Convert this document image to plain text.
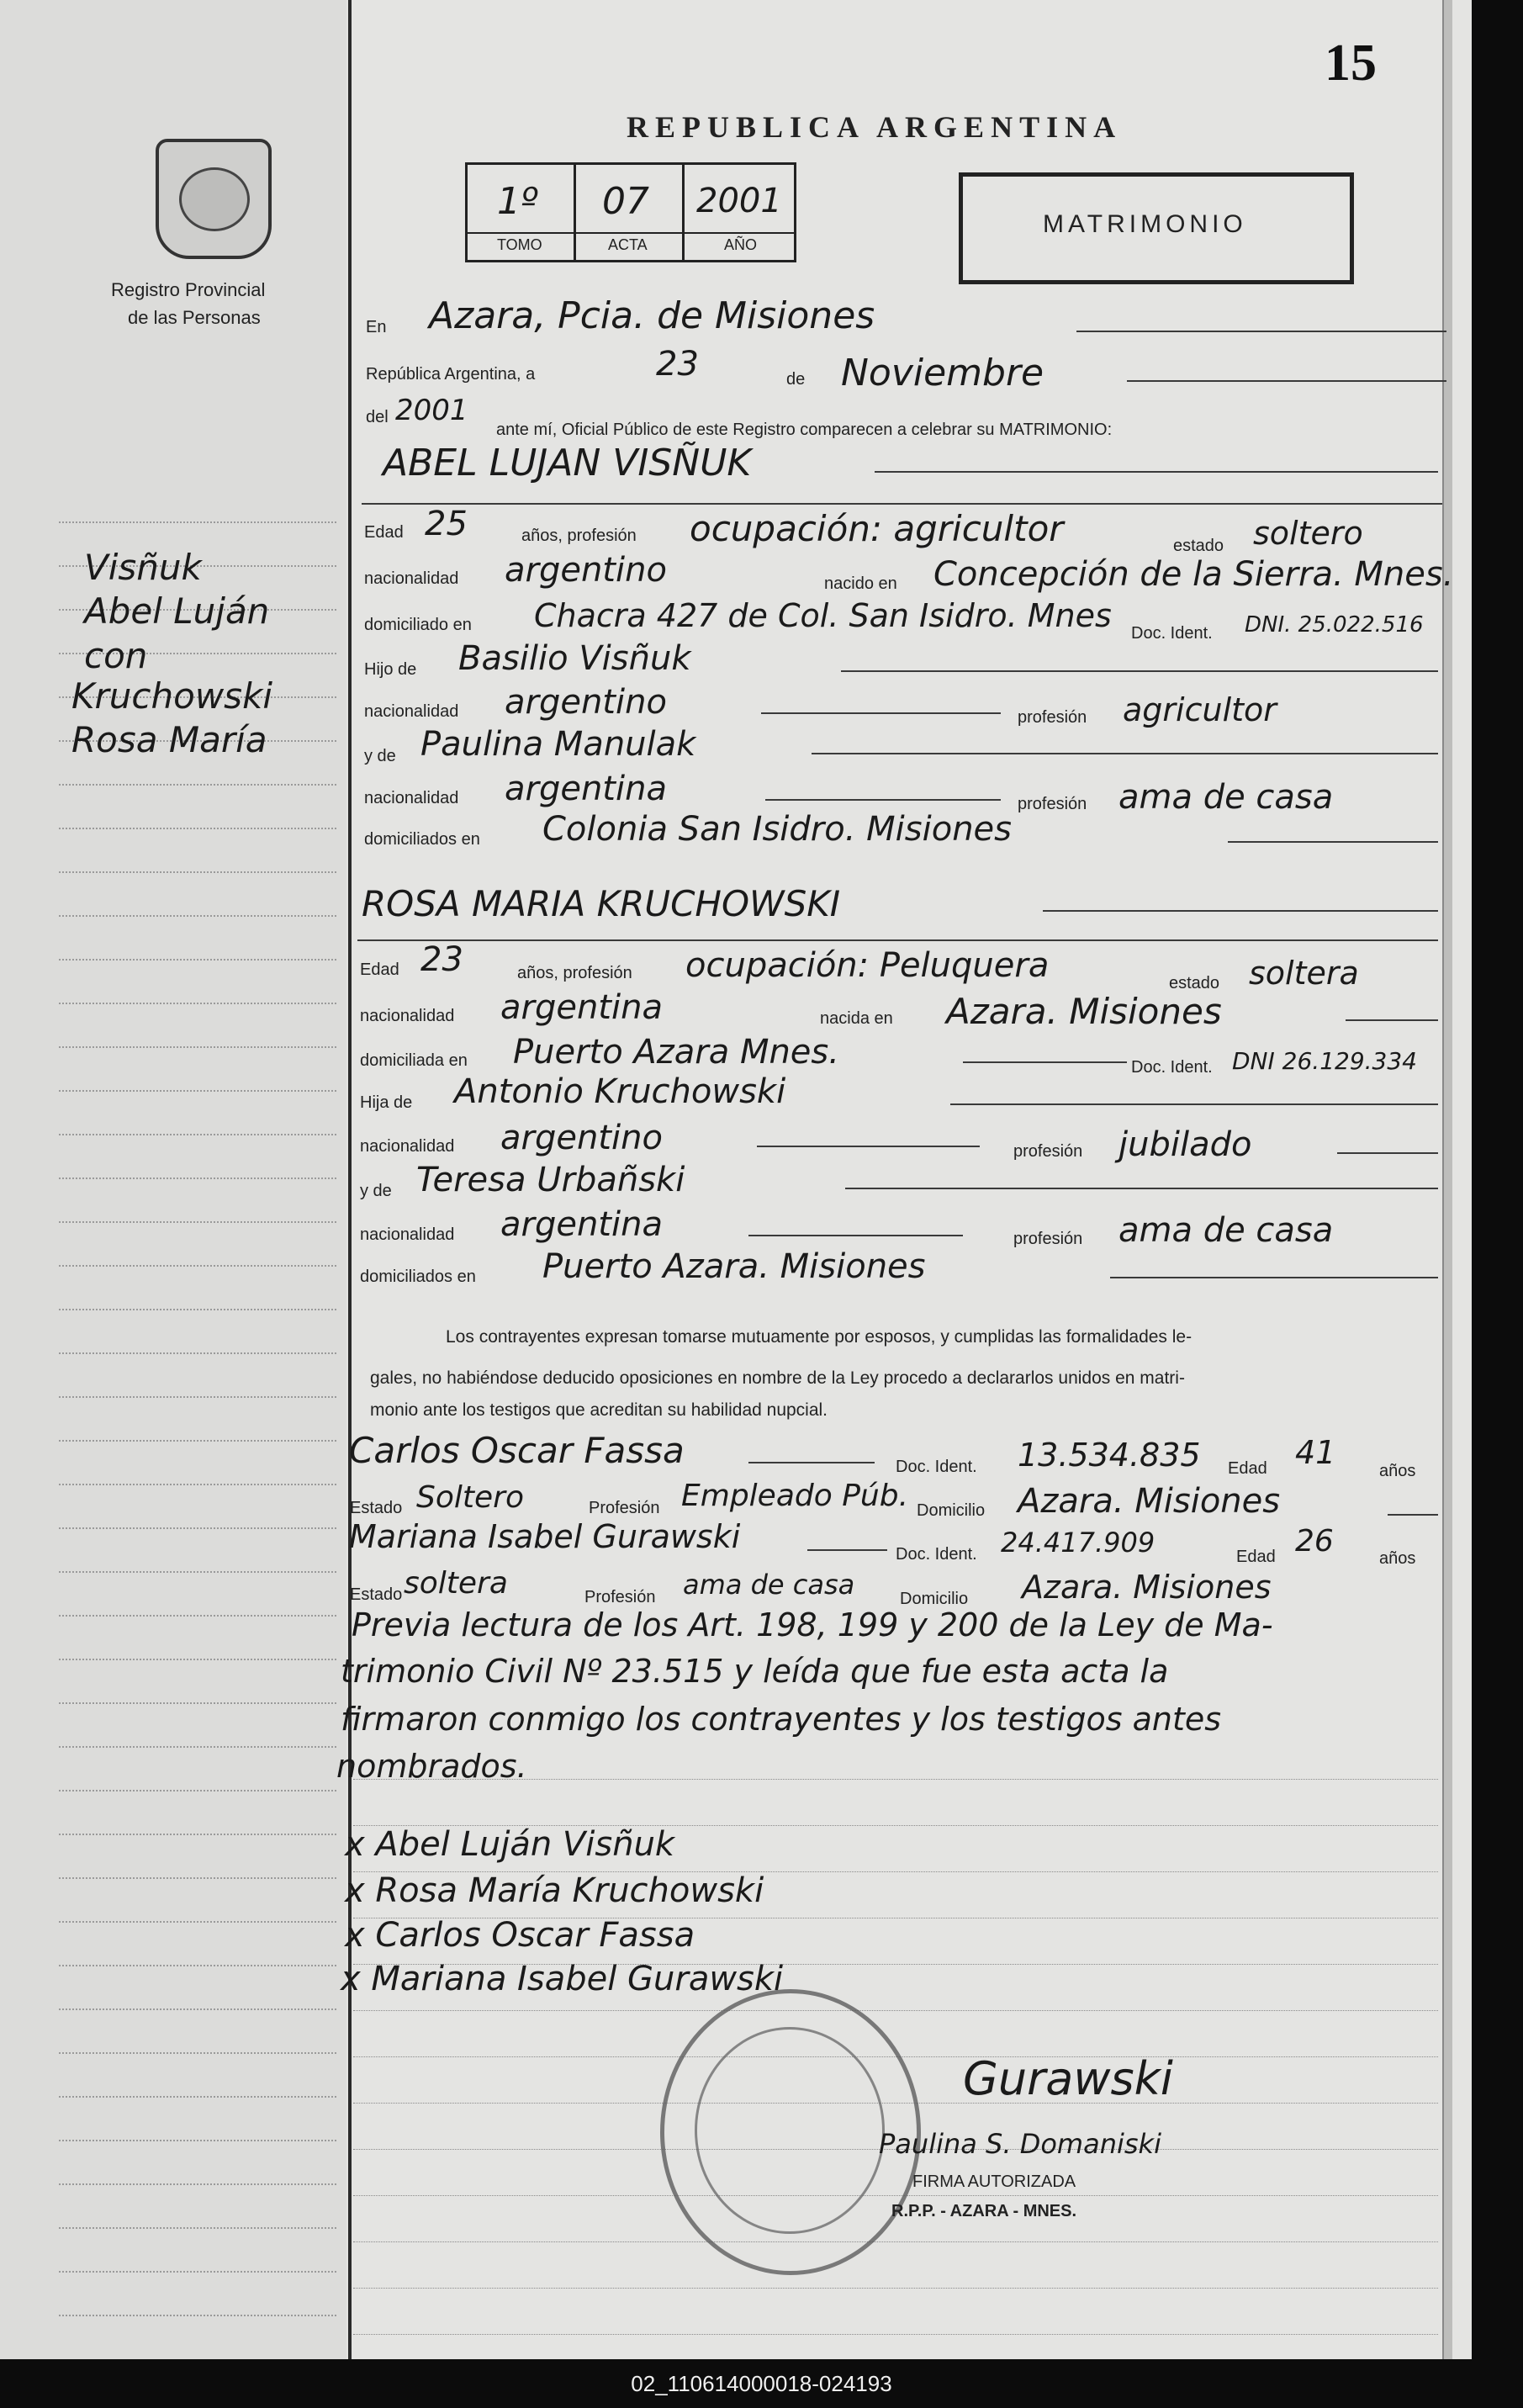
15
REPUBLICA ARGENTINA
Registro Provincial
de las Personas
1º 07 2001
TOMO	ACTA	AÑO
MATRIMONIO
Visñuk
Abel Luján
con
Kruchowski
Rosa María
En Azara, Pcia. de Misiones
República Argentina, a	23	de Noviembre
del 2001
ante mí, Oficial Público de este Registro comparecen a celebrar su MATRIMONIO:
ABEL LUJAN VISÑUK
Edad 25	años, profesión ocupación: agricultor	estado soltero
nacionalidad argentino	nacido en Concepción de la Sierra. Mnes.
domiciliado en Chacra 427 de Col. San Isidro. Mnes Doc. Ident. DNI. 25.022.516
Hijo de Basilio Visñuk
nacionalidad argentino	profesión agricultor
y de Paulina Manulak
nacionalidad argentina	profesión ama de casa
domiciliados en Colonia San Isidro. Misiones
ROSA MARIA KRUCHOWSKI
Edad 23	años, profesión ocupación: Peluquera	estado soltera
nacionalidad argentina	nacida en Azara. Misiones
domiciliada en Puerto Azara Mnes.	Doc. Ident. DNI 26.129.334
Hija de Antonio Kruchowski
nacionalidad argentino	profesión jubilado
y de Teresa Urbañski
nacionalidad argentina	profesión ama de casa
domiciliados en Puerto Azara. Misiones
Los contrayentes expresan tomarse mutuamente por esposos, y cumplidas las formalidades le-
gales, no habiéndose deducido oposiciones en nombre de la Ley procedo a declararlos unidos en matri-
monio ante los testigos que acreditan su habilidad nupcial.
Carlos Oscar Fassa	Doc. Ident. 13.534.835 Edad 41	años
Estado Soltero	Profesión Empleado Púb. Domicilio Azara. Misiones
Mariana Isabel Gurawski	Doc. Ident. 24.417.909	Edad 26	años
Estado soltera	Profesión ama de casa	Domicilio Azara. Misiones
Previa lectura de los Art. 198, 199 y 200 de la Ley de Ma-
trimonio Civil Nº 23.515 y leída que fue esta acta la
firmaron conmigo los contrayentes y los testigos antes
nombrados.
x Abel Luján Visñuk
x Rosa María Kruchowski
x Carlos Oscar Fassa
x Mariana Isabel Gurawski
Gurawski
Paulina S. Domaniski
FIRMA AUTORIZADA
R.P.P. - AZARA - MNES.
02_110614000018-024193
